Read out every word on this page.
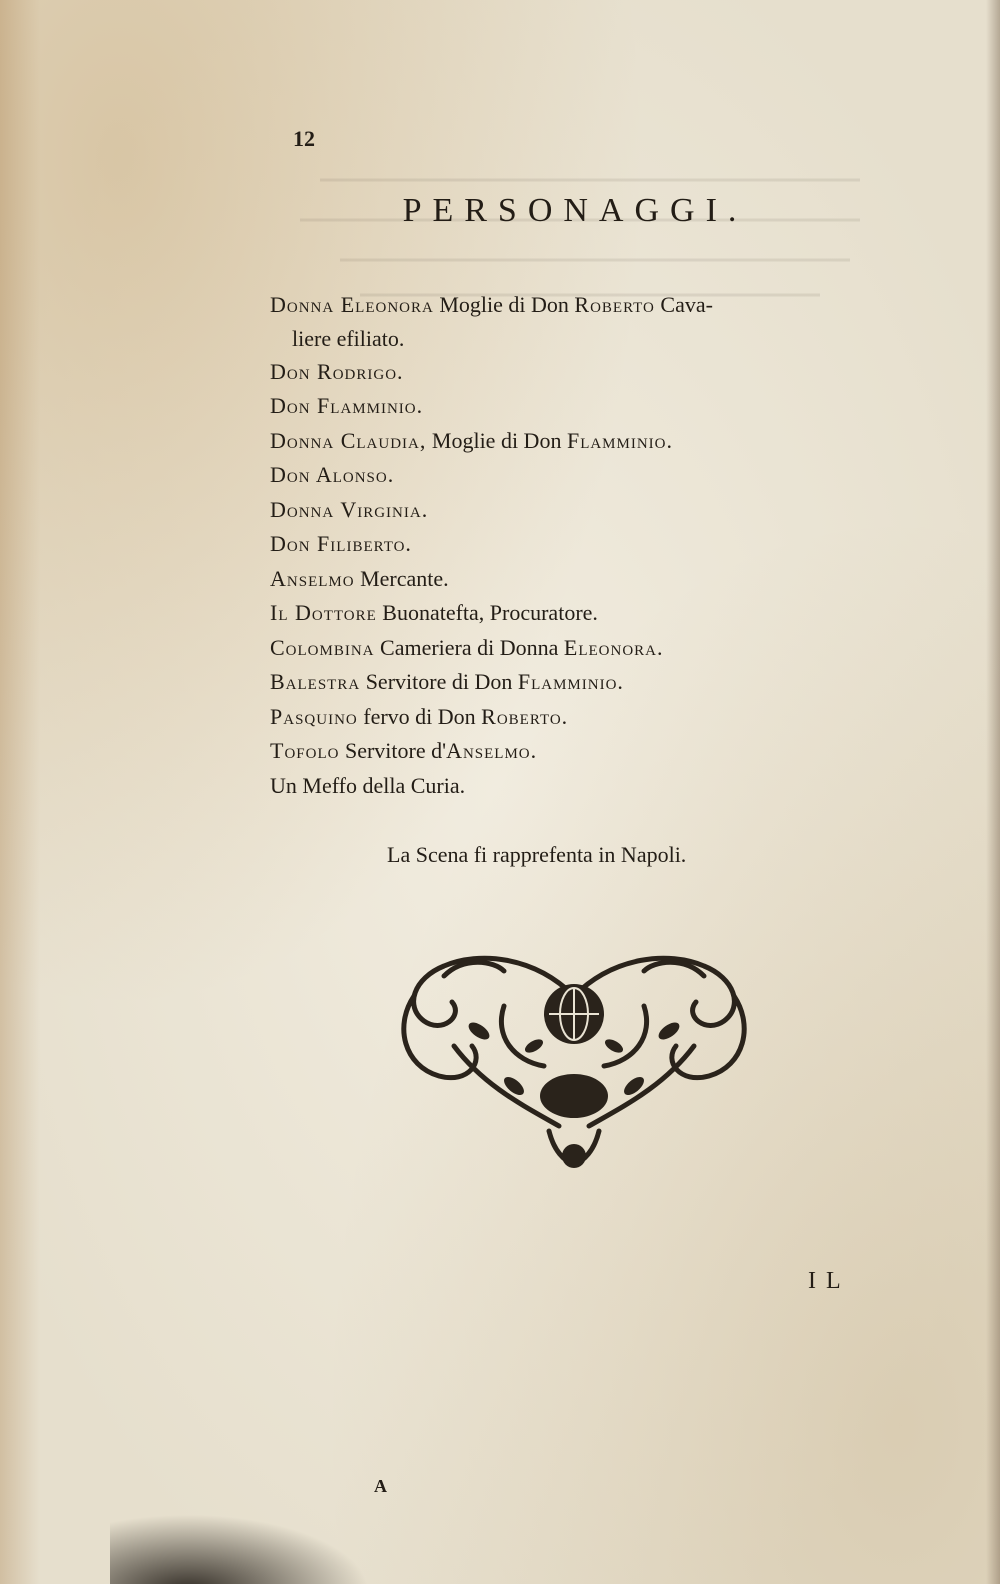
12
PERSONAGGI.
Donna Eleonora Moglie di Don Roberto Cava-
liere efiliato.
Don Rodrigo.
Don Flamminio.
Donna Claudia, Moglie di Don Flamminio.
Don Alonso.
Donna Virginia.
Don Filiberto.
Anselmo Mercante.
Il Dottore Buonatefta, Procuratore.
Colombina Cameriera di Donna Eleonora.
Balestra Servitore di Don Flamminio.
Pasquino fervo di Don Roberto.
Tofolo Servitore d'Anselmo.
Un Meffo della Curia.
La Scena fi rapprefenta in Napoli.
IL
A
